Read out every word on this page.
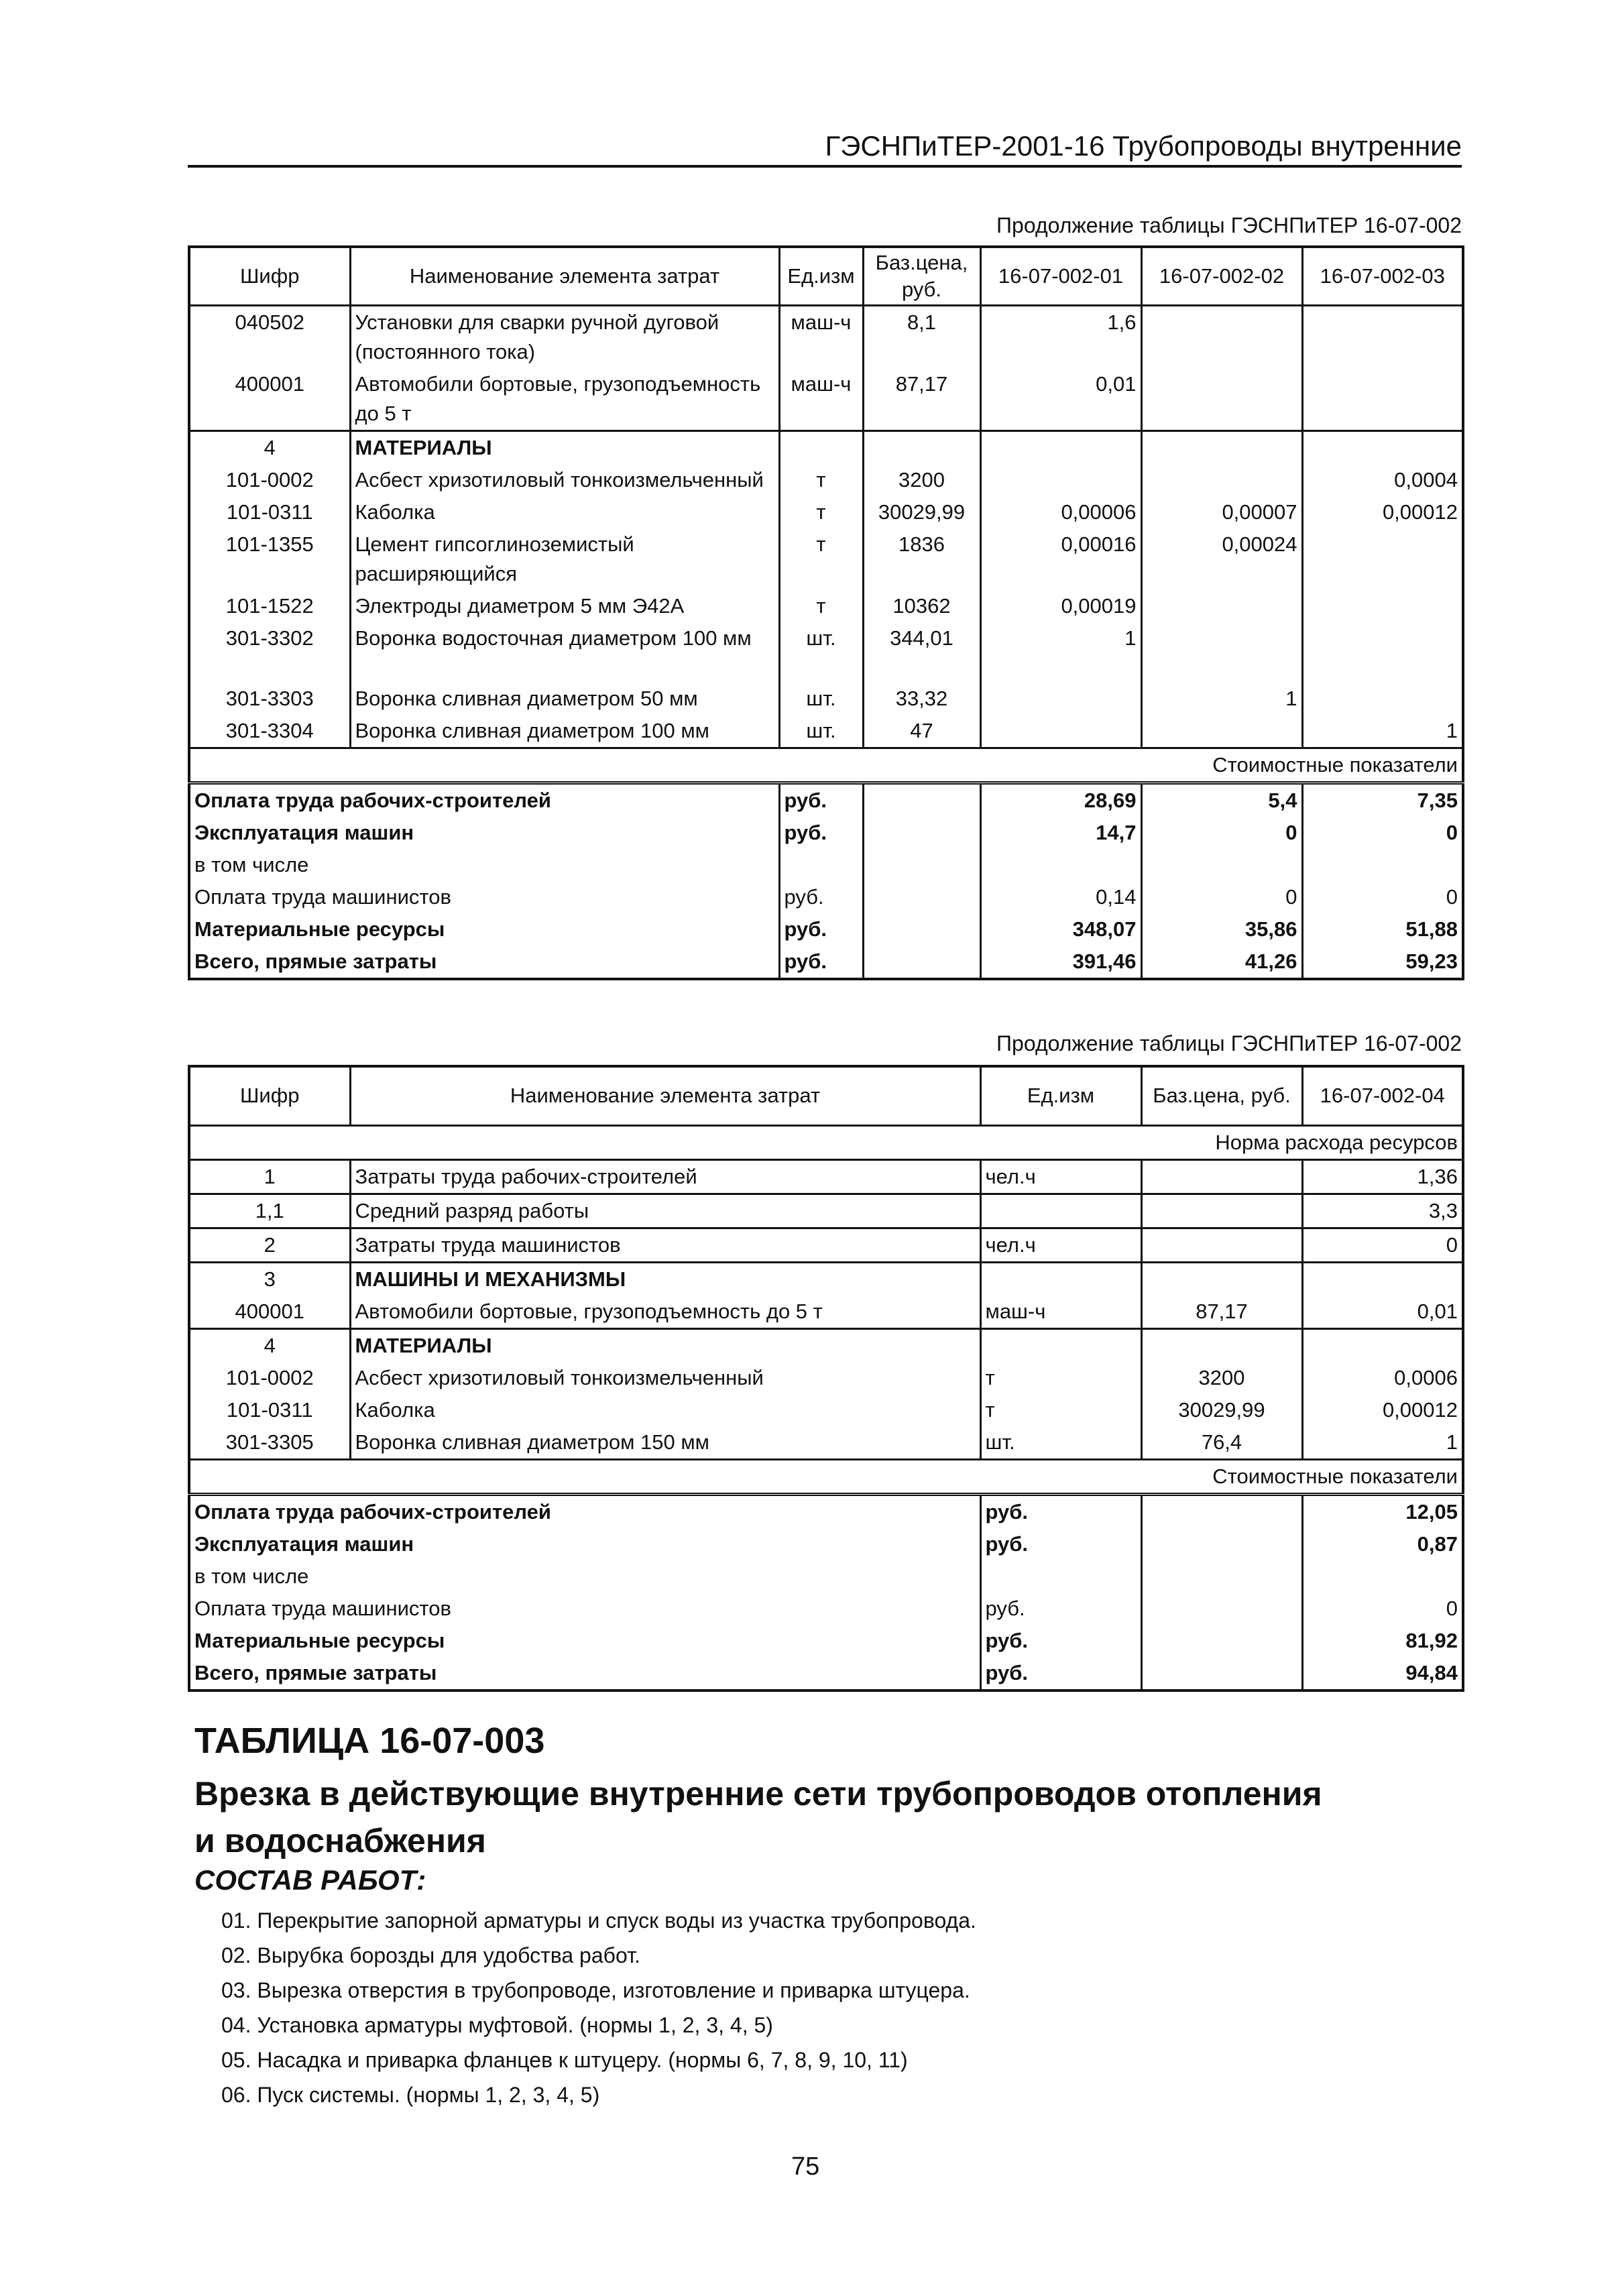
ГЭСНПиТЕР-2001-16 Трубопроводы внутренние
Продолжение таблицы ГЭСНПиТЕР 16-07-002
Шифр	Наименование элемента затрат	Ед.изм	Баз.цена, руб.	16-07-002-01	16-07-002-02	16-07-002-03
040502	Установки для сварки ручной дуговой (постоянного тока)	маш-ч	8,1	1,6		
400001	Автомобили бортовые, грузоподъемность до 5 т	маш-ч	87,17	0,01		
4	МАТЕРИАЛЫ					
101-0002	Асбест хризотиловый тонкоизмельченный	т	3200			0,0004
101-0311	Каболка	т	30029,99	0,00006	0,00007	0,00012
101-1355	Цемент гипсоглиноземистый расширяющийся	т	1836	0,00016	0,00024	
101-1522	Электроды диаметром 5 мм Э42А	т	10362	0,00019		
301-3302	Воронка водосточная диаметром 100 мм	шт.	344,01	1		
301-3303	Воронка сливная диаметром 50 мм	шт.	33,32		1	
301-3304	Воронка сливная диаметром 100 мм	шт.	47			1
Стоимостные показатели						
Оплата труда рабочих-строителей		руб.		28,69	5,4	7,35
Эксплуатация машин		руб.		14,7	0	0
в том числе						
Оплата труда машинистов		руб.		0,14	0	0
Материальные ресурсы		руб.		348,07	35,86	51,88
Всего, прямые затраты		руб.		391,46	41,26	59,23
Продолжение таблицы ГЭСНПиТЕР 16-07-002
Шифр	Наименование элемента затрат	Ед.изм	Баз.цена, руб.	16-07-002-04
Норма расхода ресурсов				
1	Затраты труда рабочих-строителей	чел.ч		1,36
1,1	Средний разряд работы			3,3
2	Затраты труда машинистов	чел.ч		0
3	МАШИНЫ И МЕХАНИЗМЫ			
400001	Автомобили бортовые, грузоподъемность до 5 т	маш-ч	87,17	0,01
4	МАТЕРИАЛЫ			
101-0002	Асбест хризотиловый тонкоизмельченный	т	3200	0,0006
101-0311	Каболка	т	30029,99	0,00012
301-3305	Воронка сливная диаметром 150 мм	шт.	76,4	1
Стоимостные показатели				
Оплата труда рабочих-строителей		руб.		12,05
Эксплуатация машин		руб.		0,87
в том числе				
Оплата труда машинистов		руб.		0
Материальные ресурсы		руб.		81,92
Всего, прямые затраты		руб.		94,84
ТАБЛИЦА 16-07-003
Врезка в действующие внутренние сети трубопроводов отопления и водоснабжения
СОСТАВ РАБОТ:
01. Перекрытие запорной арматуры и спуск воды из участка трубопровода.
02. Вырубка борозды для удобства работ.
03. Вырезка отверстия в трубопроводе, изготовление и приварка штуцера.
04. Установка арматуры муфтовой. (нормы 1, 2, 3, 4, 5)
05. Насадка и приварка фланцев к штуцеру. (нормы 6, 7, 8, 9, 10, 11)
06. Пуск системы. (нормы 1, 2, 3, 4, 5)
75
